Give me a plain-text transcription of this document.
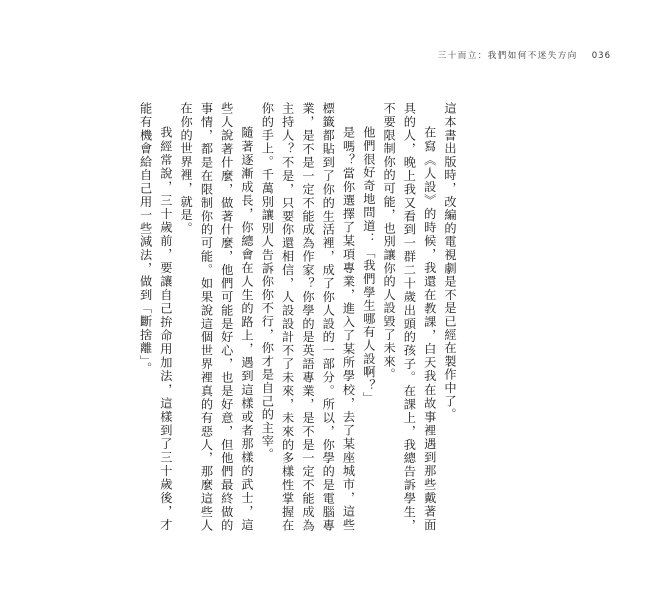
三十而立：我們如何不迷失方向 036

這本書出版時，改編的電視劇是不是已經在製作中了。

在寫《人設》的時候，我還在教課，白天我在故事裡遇到那些戴著面具的人，晚上我又看到一群二十歲出頭的孩子。在課上，我總告訴學生，不要限制你的可能，也別讓你的人設毀了未來。

他們很好奇地問道：「我們學生哪有人設啊？」

是嗎？當你選擇了某項專業，進入了某所學校，去了某座城市，這些標籤都貼到了你的生活裡，成了你人設的一部分。所以，你學的是電腦專業，是不是一定不能成為作家？你學的是英語專業，是不是一定不能成為主持人？不是，只要你還相信，人設設計不了未來，未來的多樣性掌握在你的手上。千萬別讓別人告訴你你不行，你才是自己的主宰。

隨著逐漸成長，你總會在人生的路上，遇到這樣或者那樣的武士，這些人說著什麼，做著什麼，他們可能是好心，也是好意，但他們最終做的事情，都是在限制你的可能。如果說這個世界裡真的有惡人，那麼這些人在你的世界裡，就是。

我經常說，三十歲前，要讓自己拚命用加法，這樣到了三十歲後，才能有機會給自己用一些減法，做到「斷捨離」。
